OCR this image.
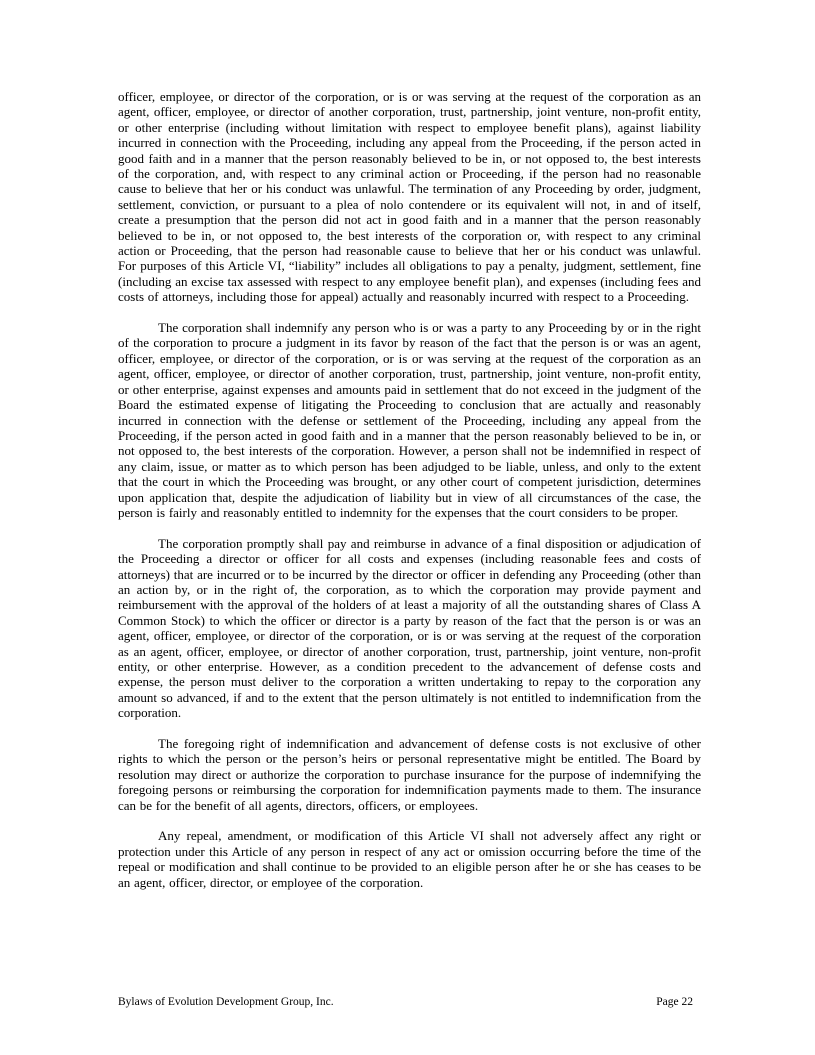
officer, employee, or director of the corporation, or is or was serving at the request of the corporation as an agent, officer, employee, or director of another corporation, trust, partnership, joint venture, non-profit entity, or other enterprise (including without limitation with respect to employee benefit plans), against liability incurred in connection with the Proceeding, including any appeal from the Proceeding, if the person acted in good faith and in a manner that the person reasonably believed to be in, or not opposed to, the best interests of the corporation, and, with respect to any criminal action or Proceeding, if the person had no reasonable cause to believe that her or his conduct was unlawful. The termination of any Proceeding by order, judgment, settlement, conviction, or pursuant to a plea of nolo contendere or its equivalent will not, in and of itself, create a presumption that the person did not act in good faith and in a manner that the person reasonably believed to be in, or not opposed to, the best interests of the corporation or, with respect to any criminal action or Proceeding, that the person had reasonable cause to believe that her or his conduct was unlawful. For purposes of this Article VI, “liability” includes all obligations to pay a penalty, judgment, settlement, fine (including an excise tax assessed with respect to any employee benefit plan), and expenses (including fees and costs of attorneys, including those for appeal) actually and reasonably incurred with respect to a Proceeding.

The corporation shall indemnify any person who is or was a party to any Proceeding by or in the right of the corporation to procure a judgment in its favor by reason of the fact that the person is or was an agent, officer, employee, or director of the corporation, or is or was serving at the request of the corporation as an agent, officer, employee, or director of another corporation, trust, partnership, joint venture, non-profit entity, or other enterprise, against expenses and amounts paid in settlement that do not exceed in the judgment of the Board the estimated expense of litigating the Proceeding to conclusion that are actually and reasonably incurred in connection with the defense or settlement of the Proceeding, including any appeal from the Proceeding, if the person acted in good faith and in a manner that the person reasonably believed to be in, or not opposed to, the best interests of the corporation. However, a person shall not be indemnified in respect of any claim, issue, or matter as to which person has been adjudged to be liable, unless, and only to the extent that the court in which the Proceeding was brought, or any other court of competent jurisdiction, determines upon application that, despite the adjudication of liability but in view of all circumstances of the case, the person is fairly and reasonably entitled to indemnity for the expenses that the court considers to be proper.

The corporation promptly shall pay and reimburse in advance of a final disposition or adjudication of the Proceeding a director or officer for all costs and expenses (including reasonable fees and costs of attorneys) that are incurred or to be incurred by the director or officer in defending any Proceeding (other than an action by, or in the right of, the corporation, as to which the corporation may provide payment and reimbursement with the approval of the holders of at least a majority of all the outstanding shares of Class A Common Stock) to which the officer or director is a party by reason of the fact that the person is or was an agent, officer, employee, or director of the corporation, or is or was serving at the request of the corporation as an agent, officer, employee, or director of another corporation, trust, partnership, joint venture, non-profit entity, or other enterprise. However, as a condition precedent to the advancement of defense costs and expense, the person must deliver to the corporation a written undertaking to repay to the corporation any amount so advanced, if and to the extent that the person ultimately is not entitled to indemnification from the corporation.

The foregoing right of indemnification and advancement of defense costs is not exclusive of other rights to which the person or the person’s heirs or personal representative might be entitled. The Board by resolution may direct or authorize the corporation to purchase insurance for the purpose of indemnifying the foregoing persons or reimbursing the corporation for indemnification payments made to them. The insurance can be for the benefit of all agents, directors, officers, or employees.

Any repeal, amendment, or modification of this Article VI shall not adversely affect any right or protection under this Article of any person in respect of any act or omission occurring before the time of the repeal or modification and shall continue to be provided to an eligible person after he or she has ceases to be an agent, officer, director, or employee of the corporation.

Bylaws of Evolution Development Group, Inc.	Page 22
